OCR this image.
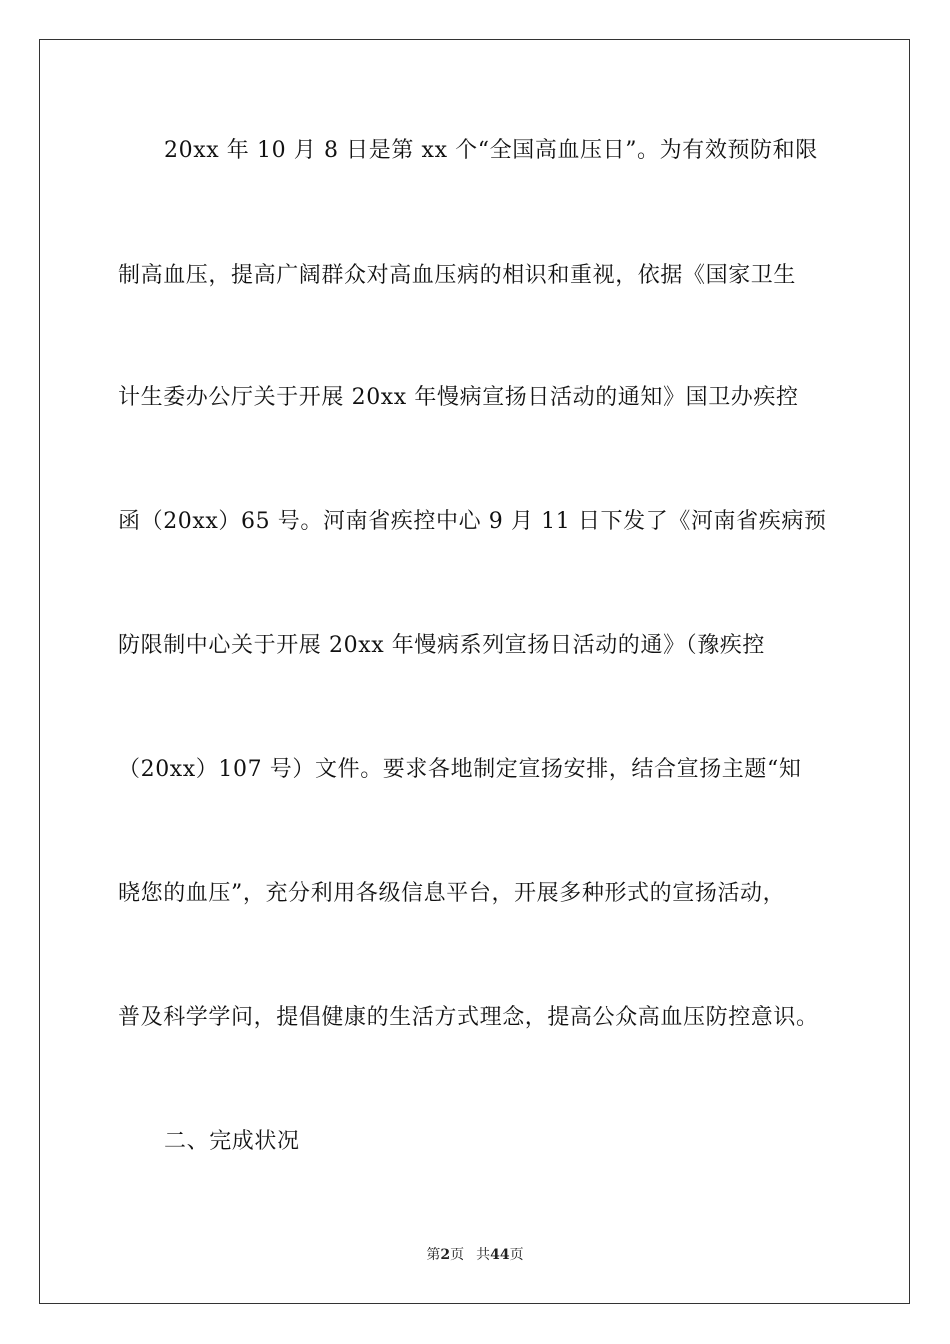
20xx 年 10 月 8 日是第 xx 个“全国高血压日”。为有效预防和限
制高血压，提高广阔群众对高血压病的相识和重视，依据《国家卫生
计生委办公厅关于开展 20xx 年慢病宣扬日活动的通知》国卫办疾控
函（20xx）65 号。河南省疾控中心 9 月 11 日下发了《河南省疾病预
防限制中心关于开展 20xx 年慢病系列宣扬日活动的通》（豫疾控
（20xx）107 号）文件。要求各地制定宣扬安排，结合宣扬主题“知
晓您的血压”，充分利用各级信息平台，开展多种形式的宣扬活动，
普及科学学问，提倡健康的生活方式理念，提高公众高血压防控意识。
二、完成状况
第2页 共44页
